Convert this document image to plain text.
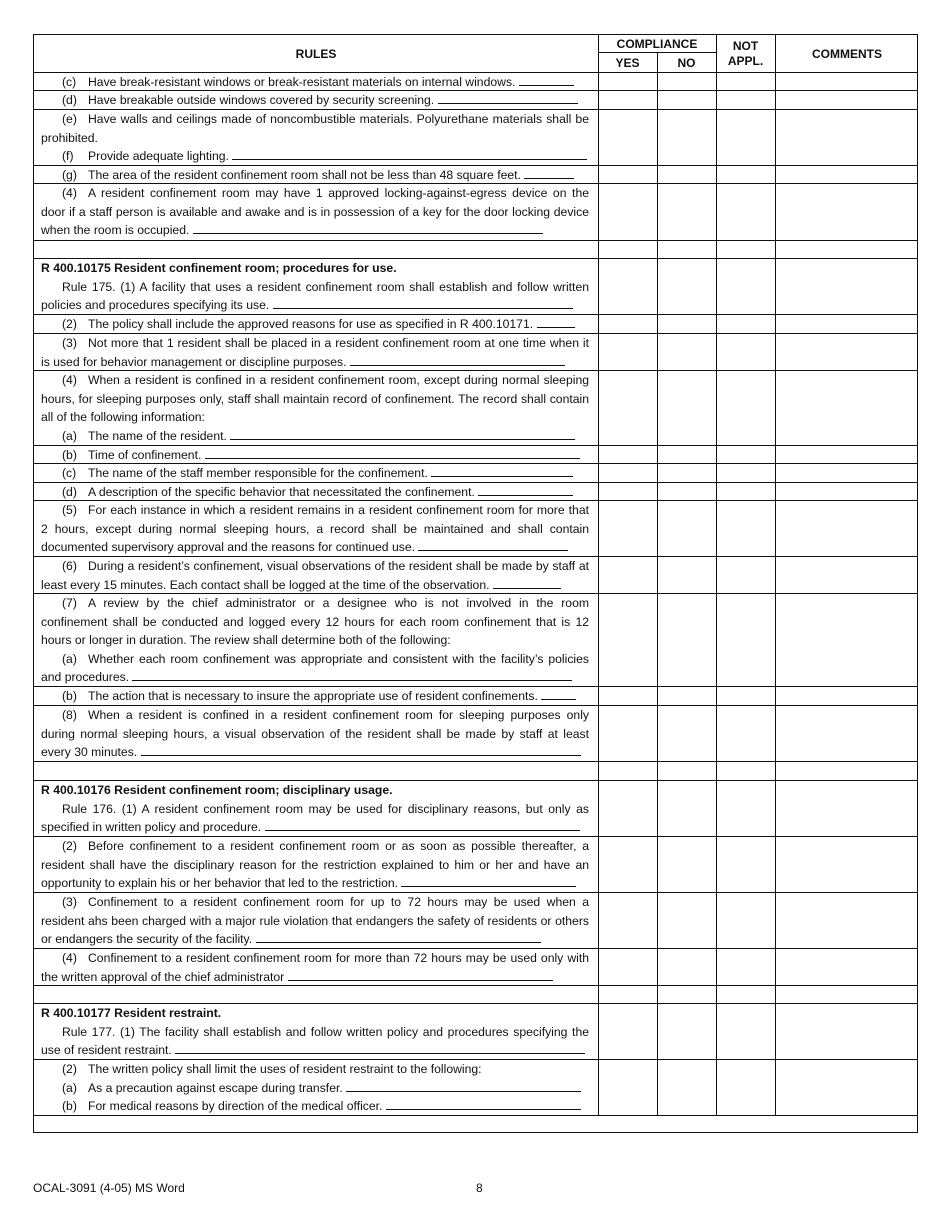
RULES
COMPLIANCE
YES	NO
NOT APPL.	COMMENTS

(c) Have break-resistant windows or break-resistant materials on internal windows.

(d) Have breakable outside windows covered by security screening.

(e) Have walls and ceilings made of noncombustible materials. Polyurethane materials shall be prohibited.

(f) Provide adequate lighting.

(g) The area of the resident confinement room shall not be less than 48 square feet.

(4) A resident confinement room may have 1 approved locking-against-egress device on the door if a staff person is available and awake and is in possession of a key for the door locking device when the room is occupied.

R 400.10175 Resident confinement room; procedures for use.

Rule 175. (1) A facility that uses a resident confinement room shall establish and follow written policies and procedures specifying its use.

(2) The policy shall include the approved reasons for use as specified in R 400.10171.

(3) Not more that 1 resident shall be placed in a resident confinement room at one time when it is used for behavior management or discipline purposes.

(4) When a resident is confined in a resident confinement room, except during normal sleeping hours, for sleeping purposes only, staff shall maintain record of confinement. The record shall contain all of the following information:

(a) The name of the resident.

(b) Time of confinement.

(c) The name of the staff member responsible for the confinement.

(d) A description of the specific behavior that necessitated the confinement.

(5) For each instance in which a resident remains in a resident confinement room for more that 2 hours, except during normal sleeping hours, a record shall be maintained and shall contain documented supervisory approval and the reasons for continued use.

(6) During a resident’s confinement, visual observations of the resident shall be made by staff at least every 15 minutes. Each contact shall be logged at the time of the observation.

(7) A review by the chief administrator or a designee who is not involved in the room confinement shall be conducted and logged every 12 hours for each room confinement that is 12 hours or longer in duration. The review shall determine both of the following:

(a) Whether each room confinement was appropriate and consistent with the facility’s policies and procedures.

(b) The action that is necessary to insure the appropriate use of resident confinements.

(8) When a resident is confined in a resident confinement room for sleeping purposes only during normal sleeping hours, a visual observation of the resident shall be made by staff at least every 30 minutes.

R 400.10176 Resident confinement room; disciplinary usage.

Rule 176. (1) A resident confinement room may be used for disciplinary reasons, but only as specified in written policy and procedure.

(2) Before confinement to a resident confinement room or as soon as possible thereafter, a resident shall have the disciplinary reason for the restriction explained to him or her and have an opportunity to explain his or her behavior that led to the restriction.

(3) Confinement to a resident confinement room for up to 72 hours may be used when a resident ahs been charged with a major rule violation that endangers the safety of residents or others or endangers the security of the facility.

(4) Confinement to a resident confinement room for more than 72 hours may be used only with the written approval of the chief administrator

R 400.10177 Resident restraint.

Rule 177. (1) The facility shall establish and follow written policy and procedures specifying the use of resident restraint.

(2) The written policy shall limit the uses of resident restraint to the following:

(a) As a precaution against escape during transfer.

(b) For medical reasons by direction of the medical officer.

OCAL-3091 (4-05) MS Word	8
